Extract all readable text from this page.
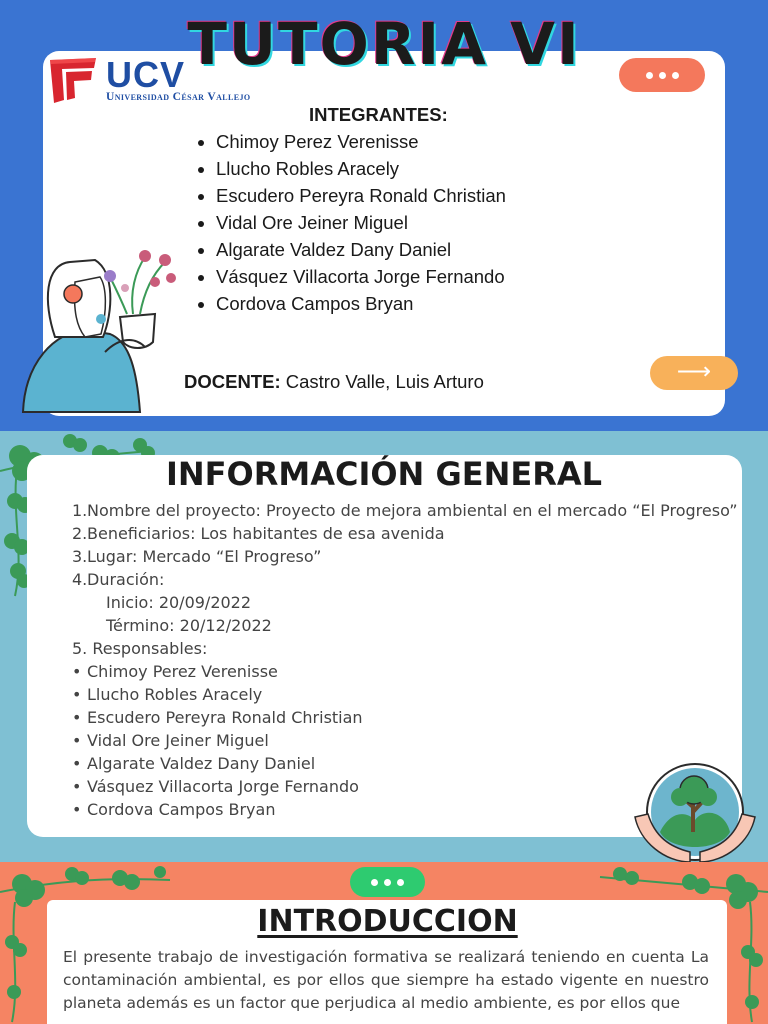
TUTORIA VI
UCV
Universidad César Vallejo
INTEGRANTES:
• Chimoy Perez Verenisse
• Llucho Robles Aracely
• Escudero Pereyra Ronald Christian
• Vidal Ore Jeiner Miguel
• Algarate Valdez Dany Daniel
• Vásquez Villacorta Jorge Fernando
• Cordova Campos Bryan
DOCENTE: Castro Valle, Luis Arturo	⟶
INFORMACIÓN GENERAL
1. Nombre del proyecto: Proyecto de mejora ambiental en el mercado “El Progreso”
2. Beneficiarios: Los habitantes de esa avenida
3. Lugar: Mercado “El Progreso”
4. Duración:
Inicio: 20/09/2022
Término: 20/12/2022
5. Responsables:
• Chimoy Perez Verenisse
• Llucho Robles Aracely
• Escudero Pereyra Ronald Christian
• Vidal Ore Jeiner Miguel
• Algarate Valdez Dany Daniel
• Vásquez Villacorta Jorge Fernando
• Cordova Campos Bryan
INTRODUCCION
El presente trabajo de investigación formativa se realizará teniendo en cuenta La contaminación ambiental, es por ellos que siempre ha estado vigente en nuestro planeta además es un factor que perjudica al medio ambiente, es por ellos que
